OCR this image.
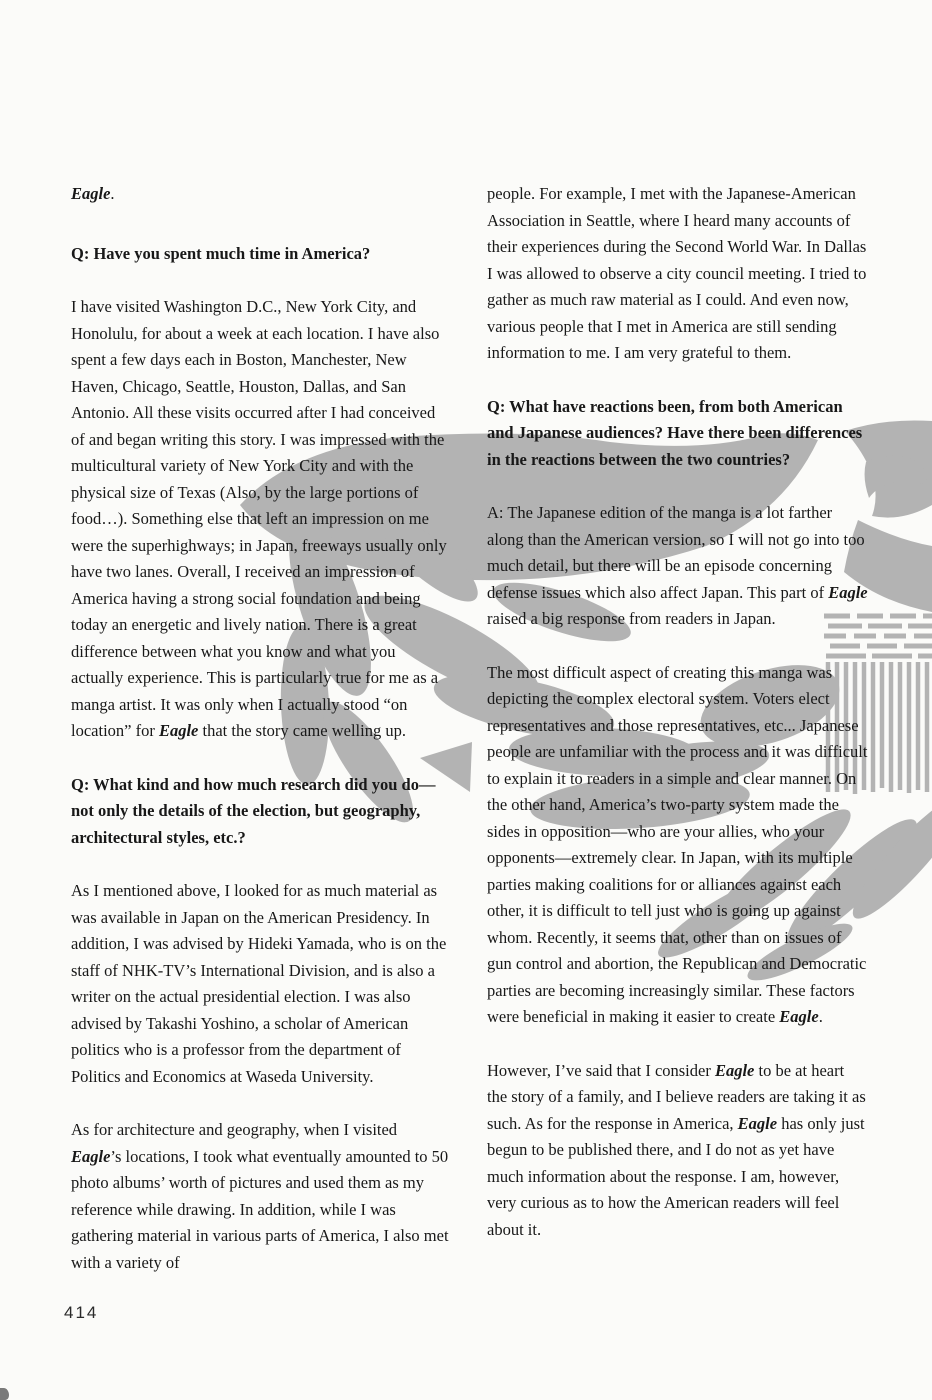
Eagle.

Q: Have you spent much time in America?

I have visited Washington D.C., New York City, and Honolulu, for about a week at each location. I have also spent a few days each in Boston, Manchester, New Haven, Chicago, Seattle, Houston, Dallas, and San Antonio. All these visits occurred after I had conceived of and began writing this story. I was impressed with the multicultural variety of New York City and with the physical size of Texas (Also, by the large portions of food…). Something else that left an impression on me were the superhighways; in Japan, freeways usually only have two lanes. Overall, I received an impression of America having a strong social foundation and being today an energetic and lively nation. There is a great difference between what you know and what you actually experience. This is particularly true for me as a manga artist. It was only when I actually stood “on location” for Eagle that the story came welling up.

Q: What kind and how much research did you do—not only the details of the election, but geography, architectural styles, etc.?

As I mentioned above, I looked for as much material as was available in Japan on the American Presidency. In addition, I was advised by Hideki Yamada, who is on the staff of NHK-TV’s International Division, and is also a writer on the actual presidential election. I was also advised by Takashi Yoshino, a scholar of American politics who is a professor from the department of Politics and Economics at Waseda University.

As for architecture and geography, when I visited Eagle’s locations, I took what eventually amounted to 50 photo albums’ worth of pictures and used them as my reference while drawing. In addition, while I was gathering material in various parts of America, I also met with a variety of

people. For example, I met with the Japanese-American Association in Seattle, where I heard many accounts of their experiences during the Second World War. In Dallas I was allowed to observe a city council meeting. I tried to gather as much raw material as I could. And even now, various people that I met in America are still sending information to me. I am very grateful to them.

Q: What have reactions been, from both American and Japanese audiences? Have there been differences in the reactions between the two countries?

A: The Japanese edition of the manga is a lot farther along than the American version, so I will not go into too much detail, but there will be an episode concerning defense issues which also affect Japan. This part of Eagle raised a big response from readers in Japan.

The most difficult aspect of creating this manga was depicting the complex electoral system. Voters elect representatives and those representatives, etc... Japanese people are unfamiliar with the process and it was difficult to explain it to readers in a simple and clear manner. On the other hand, America’s two-party system made the sides in opposition—who are your allies, who your opponents—extremely clear. In Japan, with its multiple parties making coalitions for or alliances against each other, it is difficult to tell just who is going up against whom. Recently, it seems that, other than on issues of gun control and abortion, the Republican and Democratic parties are becoming increasingly similar. These factors were beneficial in making it easier to create Eagle.

However, I’ve said that I consider Eagle to be at heart the story of a family, and I believe readers are taking it as such. As for the response in America, Eagle has only just begun to be published there, and I do not as yet have much information about the response. I am, however, very curious as to how the American readers will feel about it.

414
